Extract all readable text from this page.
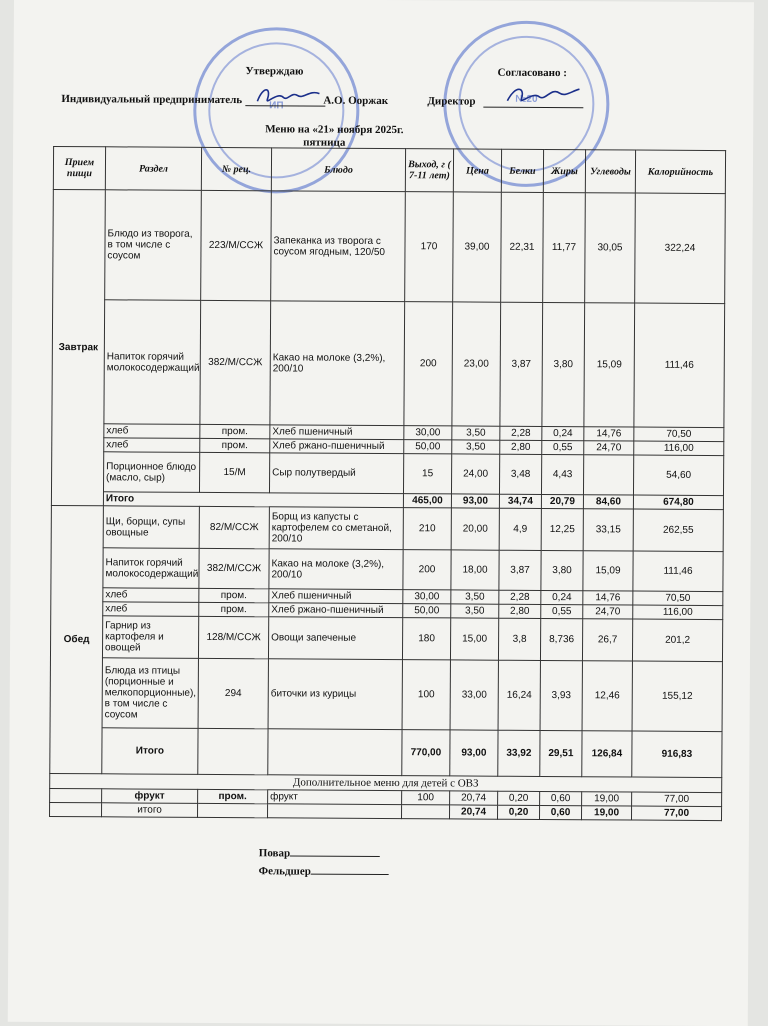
ИП
№20
Утверждаю
Индивидуальный предприниматель	А.О. Ооржак
Согласовано :
Директор
Меню на «21» ноября 2025г.
пятница
Прием пищи	Раздел	№ рец.	Блюдо	Выход, г ( 7-11 лет)	Цена	Белки	Жиры	Углеводы	Калорийность
Завтрак	Блюдо из творога, в том числе с соусом	223/М/ССЖ	Запеканка из творога с соусом ягодным, 120/50	170	39,00	22,31	11,77	30,05	322,24
	Напиток горячий молокосодержащий	382/М/ССЖ	Какао на молоке (3,2%), 200/10	200	23,00	3,87	3,80	15,09	111,46
	хлеб	пром.	Хлеб пшеничный	30,00	3,50	2,28	0,24	14,76	70,50
	хлеб	пром.	Хлеб ржано-пшеничный	50,00	3,50	2,80	0,55	24,70	116,00
	Порционное блюдо (масло, сыр)	15/М	Сыр полутвердый	15	24,00	3,48	4,43		54,60
	Итого			465,00	93,00	34,74	20,79	84,60	674,80
Обед	Щи, борщи, супы овощные	82/М/ССЖ	Борщ из капусты с картофелем со сметаной, 200/10	210	20,00	4,9	12,25	33,15	262,55
	Напиток горячий молокосодержащий	382/М/ССЖ	Какао на молоке (3,2%), 200/10	200	18,00	3,87	3,80	15,09	111,46
	хлеб	пром.	Хлеб пшеничный	30,00	3,50	2,28	0,24	14,76	70,50
	хлеб	пром.	Хлеб ржано-пшеничный	50,00	3,50	2,80	0,55	24,70	116,00
	Гарнир из картофеля и овощей	128/М/ССЖ	Овощи запеченые	180	15,00	3,8	8,736	26,7	201,2
	Блюда из птицы (порционные и мелкопорционные), в том числе с соусом	294	биточки из курицы	100	33,00	16,24	3,93	12,46	155,12
	Итого			770,00	93,00	33,92	29,51	126,84	916,83
Дополнительное меню для детей с ОВЗ									
	фрукт	пром.	фрукт	100	20,74	0,20	0,60	19,00	77,00
	итого				20,74	0,20	0,60	19,00	77,00
Повар
Фельдшер
